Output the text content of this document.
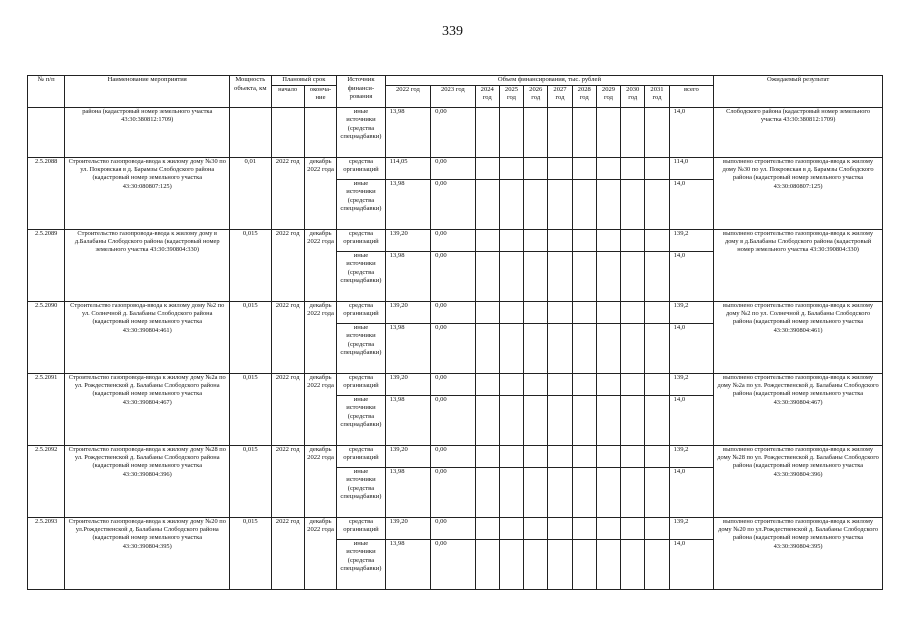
339
№ п/п	Наименование мероприятия	Мощность объекта, км	Плановый срок		Источник финанси- рования	Объем финансирования, тыс. рублей											Ожидаемый результат
			начало	оконча- ние		2022 год	2023 год	2024 год	2025 год	2026 год	2027 год	2028 год	2029 год	2030 год	2031 год	всего	
	района (кадастровый номер земельного участка 43:30:380812:1709)				иные источники (средства спецнадбавки)	13,98	0,00									14,0	Слободского района (кадастровый номер земельного участка 43:30:380812:1709)
2.5.2088	Строительство газопровода-ввода к жилому дому №30 по ул. Покровская в д. Барамзы Слободского района (кадастровый номер земельного участка 43:30:080807:125)	0,01	2022 год	декабрь 2022 года	средства организаций	114,05	0,00									114,0	выполнено строительство газопровода-ввода к жилому дому №30 по ул. Покровская в д. Барамзы Слободского района (кадастровый номер земельного участка 43:30:080807:125)
					иные источники (средства спецнадбавки)	13,98	0,00									14,0	
2.5.2089	Строительство газопровода-ввода к жилому дому в д.Балабаны Слободского района (кадастровый номер земельного участка 43:30:390804:330)	0,015	2022 год	декабрь 2022 года	средства организаций	139,20	0,00									139,2	выполнено строительство газопровода-ввода к жилому дому в д.Балабаны Слободского района (кадастровый номер земельного участка 43:30:390804:330)
					иные источники (средства спецнадбавки)	13,98	0,00									14,0	
2.5.2090	Строительство газопровода-ввода к жилому дому №2 по ул. Солнечной д. Балабаны Слободского района (кадастровый номер земельного участка 43:30:390804:461)	0,015	2022 год	декабрь 2022 года	средства организаций	139,20	0,00									139,2	выполнено строительство газопровода-ввода к жилому дому №2 по ул. Солнечной д. Балабаны Слободского района (кадастровый номер земельного участка 43:30:390804:461)
					иные источники (средства спецнадбавки)	13,98	0,00									14,0	
2.5.2091	Строительство газопровода-ввода к жилому дому №2а по ул. Рождественской д. Балабаны Слободского района (кадастровый номер земельного участка 43:30:390804:467)	0,015	2022 год	декабрь 2022 года	средства организаций	139,20	0,00									139,2	выполнено строительство газопровода-ввода к жилому дому №2а по ул. Рождественской д. Балабаны Слободского района (кадастровый номер земельного участка 43:30:390804:467)
					иные источники (средства спецнадбавки)	13,98	0,00									14,0	
2.5.2092	Строительство газопровода-ввода к жилому дому №28 по ул. Рождественской д. Балабаны Слободского района (кадастровый номер земельного участка 43:30:390804:396)	0,015	2022 год	декабрь 2022 года	средства организаций	139,20	0,00									139,2	выполнено строительство газопровода-ввода к жилому дому №28 по ул. Рождественской д. Балабаны Слободского района (кадастровый номер земельного участка 43:30:390804:396)
					иные источники (средства спецнадбавки)	13,98	0,00									14,0	
2.5.2093	Строительство газопровода-ввода к жилому дому №20 по ул.Рождественской д. Балабаны Слободского района (кадастровый номер земельного участка 43:30:390804:395)	0,015	2022 год	декабрь 2022 года	средства организаций	139,20	0,00									139,2	выполнено строительство газопровода-ввода к жилому дому №20 по ул.Рождественской д. Балабаны Слободского района (кадастровый номер земельного участка 43:30:390804:395)
					иные источники (средства спецнадбавки)	13,98	0,00									14,0	
